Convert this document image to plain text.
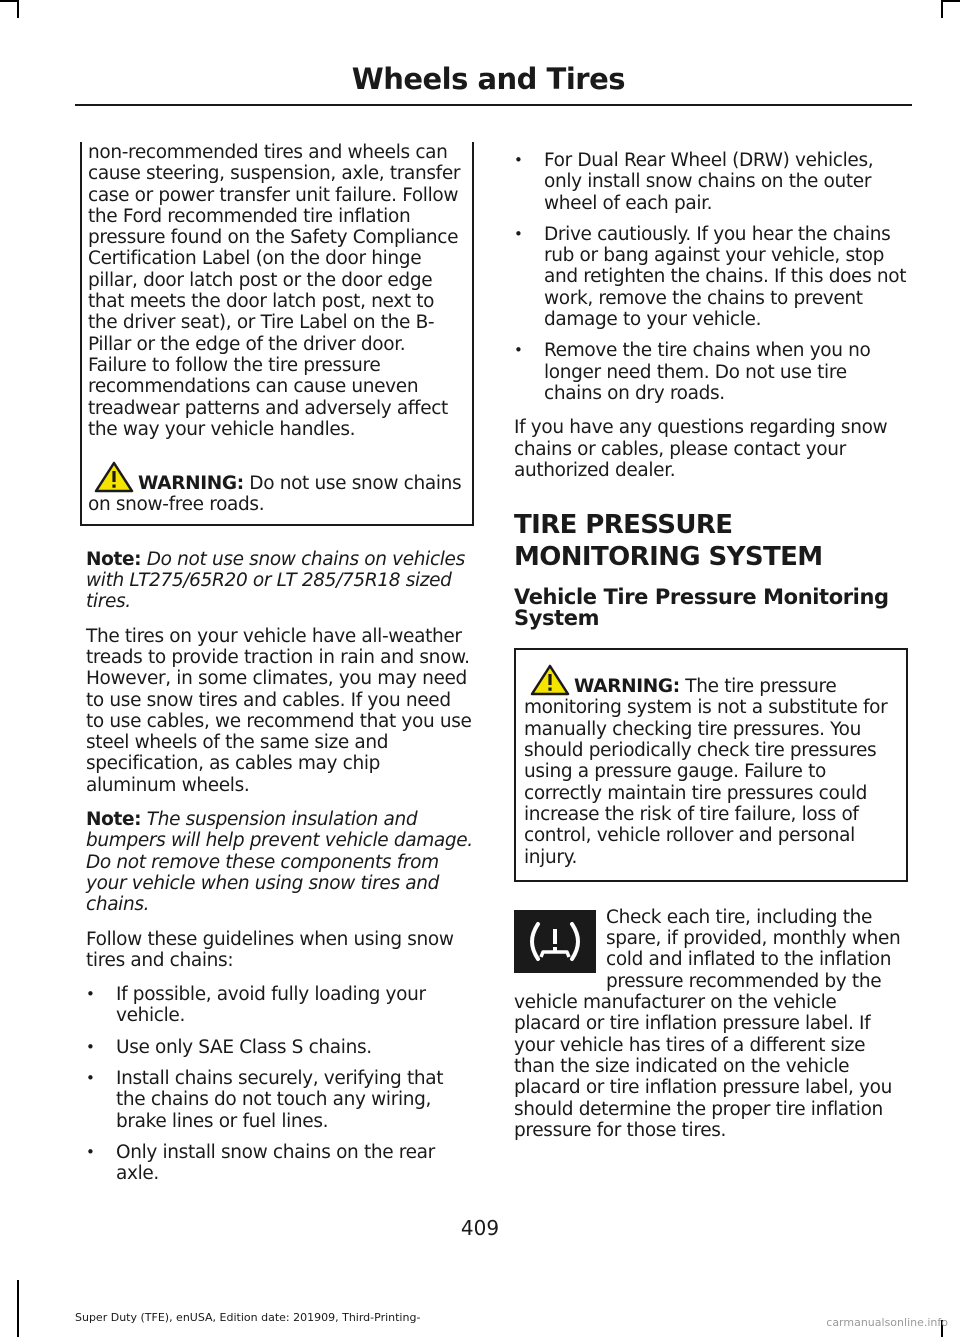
Wheels and Tires

non-recommended tires and wheels can cause steering, suspension, axle, transfer case or power transfer unit failure. Follow the Ford recommended tire inflation pressure found on the Safety Compliance Certification Label (on the door hinge pillar, door latch post or the door edge that meets the door latch post, next to the driver seat), or Tire Label on the B-Pillar or the edge of the driver door. Failure to follow the tire pressure recommendations can cause uneven treadwear patterns and adversely affect the way your vehicle handles.

WARNING: Do not use snow chains on snow-free roads.

Note: Do not use snow chains on vehicles with LT275/65R20 or LT 285/75R18 sized tires.

The tires on your vehicle have all-weather treads to provide traction in rain and snow. However, in some climates, you may need to use snow tires and cables. If you need to use cables, we recommend that you use steel wheels of the same size and specification, as cables may chip aluminum wheels.

Note: The suspension insulation and bumpers will help prevent vehicle damage. Do not remove these components from your vehicle when using snow tires and chains.

Follow these guidelines when using snow tires and chains:

• If possible, avoid fully loading your vehicle.
• Use only SAE Class S chains.
• Install chains securely, verifying that the chains do not touch any wiring, brake lines or fuel lines.
• Only install snow chains on the rear axle.
• For Dual Rear Wheel (DRW) vehicles, only install snow chains on the outer wheel of each pair.
• Drive cautiously. If you hear the chains rub or bang against your vehicle, stop and retighten the chains. If this does not work, remove the chains to prevent damage to your vehicle.
• Remove the tire chains when you no longer need them. Do not use tire chains on dry roads.

If you have any questions regarding snow chains or cables, please contact your authorized dealer.

TIRE PRESSURE MONITORING SYSTEM
Vehicle Tire Pressure Monitoring System

WARNING: The tire pressure monitoring system is not a substitute for manually checking tire pressures. You should periodically check tire pressures using a pressure gauge. Failure to correctly maintain tire pressures could increase the risk of tire failure, loss of control, vehicle rollover and personal injury.

Check each tire, including the spare, if provided, monthly when cold and inflated to the inflation pressure recommended by the vehicle manufacturer on the vehicle placard or tire inflation pressure label. If your vehicle has tires of a different size than the size indicated on the vehicle placard or tire inflation pressure label, you should determine the proper tire inflation pressure for those tires.

409
Super Duty (TFE), enUSA, Edition date: 201909, Third-Printing-	carmanualsonline.info
